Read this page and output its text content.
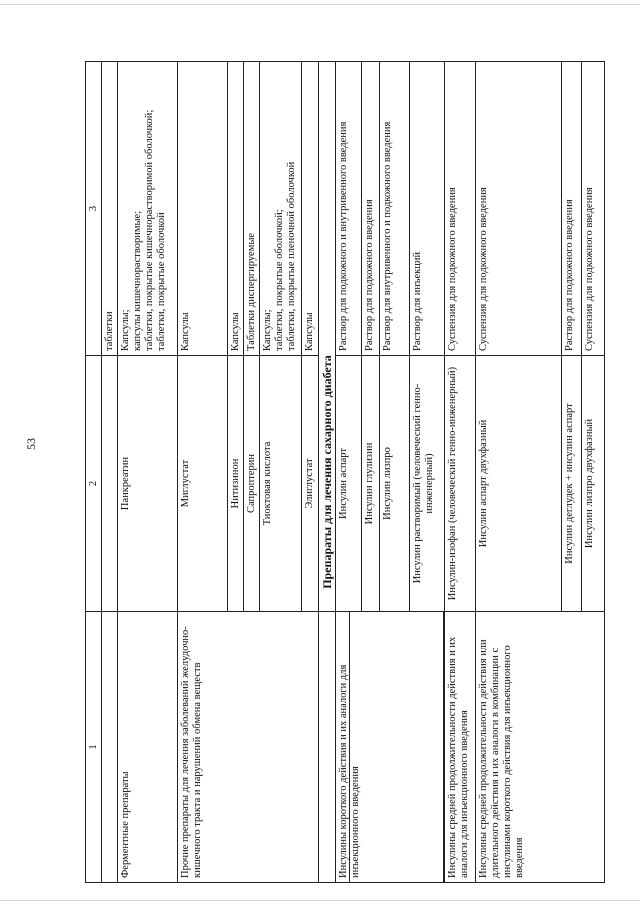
53
1
2
3
таблетки
Ферментные препараты
Панкреатин
Капсулы;
капсулы кишечнорастворимые;
таблетки, покрытые кишечнорастворимой оболочкой;
таблетки, покрытые оболочкой
Прочие препараты для лечения заболеваний желудочно-кишечного тракта и нарушений обмена веществ
Миглустат
Капсулы
Нитизинон
Капсулы
Сапроптерин
Таблетки диспергируемые
Тиоктовая кислота
Капсулы;
таблетки, покрытые оболочкой;
таблетки, покрытые пленочной оболочкой
Элиглустат
Капсулы
Препараты для лечения сахарного диабета
Инсулины короткого действия и их аналоги для инъекционного введения
Инсулин аспарт
Раствор для подкожного и внутривенного введения
Инсулин глулизин
Раствор для подкожного введения
Инсулин лизпро
Раствор для внутривенного и подкожного введения
Инсулин растворимый (человеческий генно-инженерный)
Раствор для инъекций
Инсулины средней продолжительности действия и их аналоги для инъекционного введения
Инсулин-изофан (человеческий генно-инженерный)
Суспензия для подкожного введения
Инсулины средней продолжительности действия или длительного действия и их аналоги в комбинации с инсулинами короткого действия для инъекционного введения
Инсулин аспарт двухфазный
Суспензия для подкожного введения
Инсулин деглудек + инсулин аспарт
Раствор для подкожного введения
Инсулин лизпро двухфазный
Суспензия для подкожного введения
